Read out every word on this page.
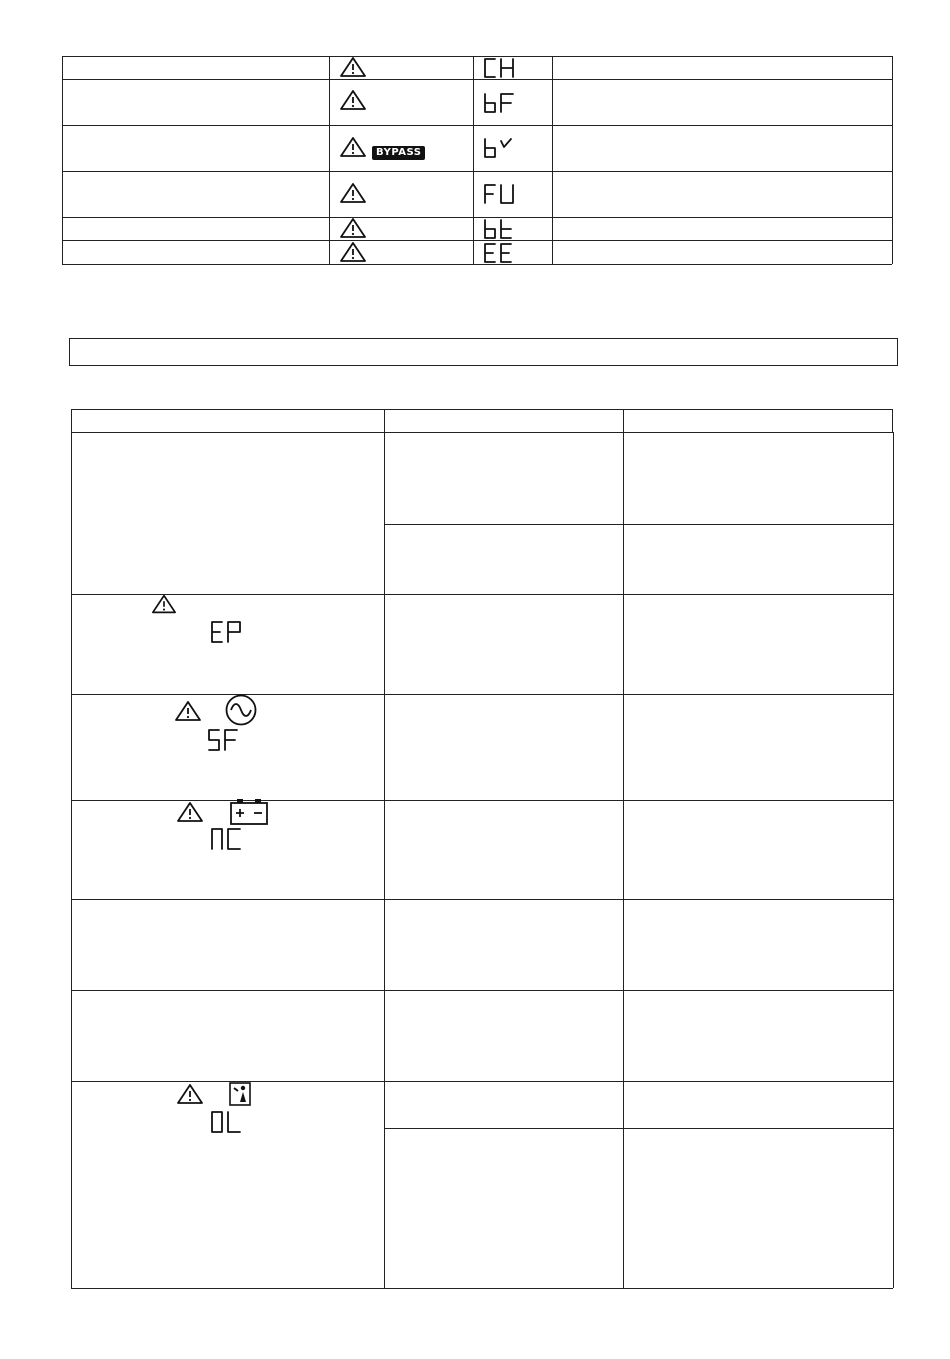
BYPASS
